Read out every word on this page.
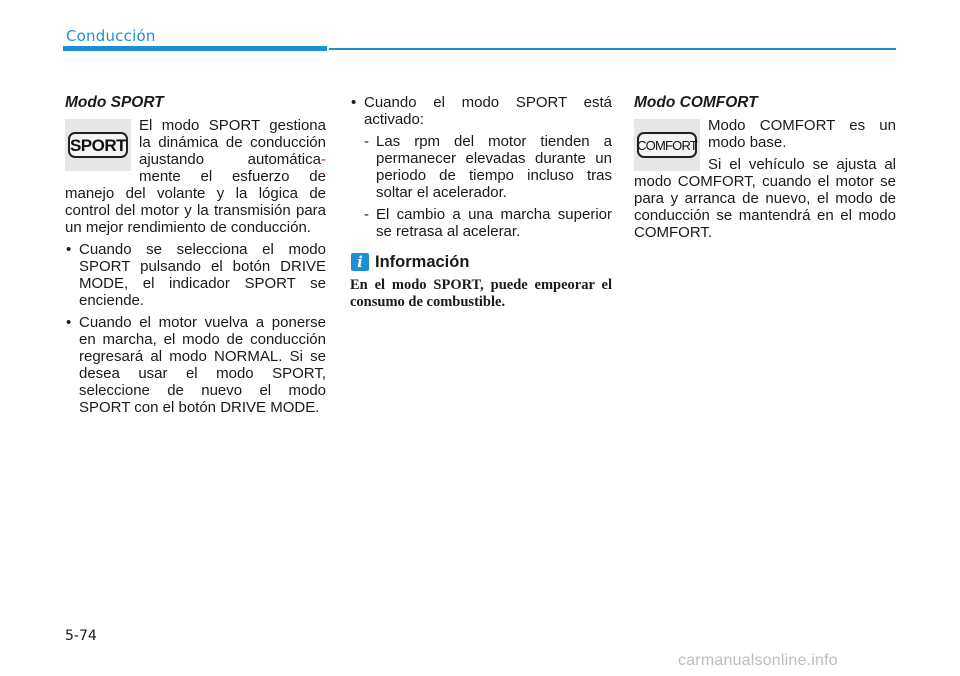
Conducción
Modo SPORT
SPORT
El modo SPORT gestiona la dinámica de conducción ajustando automática- mente el esfuerzo de manejo del volante y la lógica de control del motor y la transmisión para un mejor rendimiento de conducción.
• Cuando se selecciona el modo SPORT pulsando el botón DRIVE MODE, el indicador SPORT se enciende.
• Cuando el motor vuelva a ponerse en marcha, el modo de conducción regresará al modo NORMAL. Si se desea usar el modo SPORT, seleccione de nuevo el modo SPORT con el botón DRIVE MODE.
• Cuando el modo SPORT está activado:
- Las rpm del motor tienden a permanecer elevadas durante un periodo de tiempo incluso tras soltar el acelerador.
- El cambio a una marcha superior se retrasa al acelerar.
i Información
En el modo SPORT, puede empeorar el consumo de combustible.
Modo COMFORT
COMFORT
Modo COMFORT es un modo base.
Si el vehículo se ajusta al modo COMFORT, cuando el motor se para y arranca de nuevo, el modo de conducción se mantendrá en el modo COMFORT.
5-74
carmanualsonline.info
